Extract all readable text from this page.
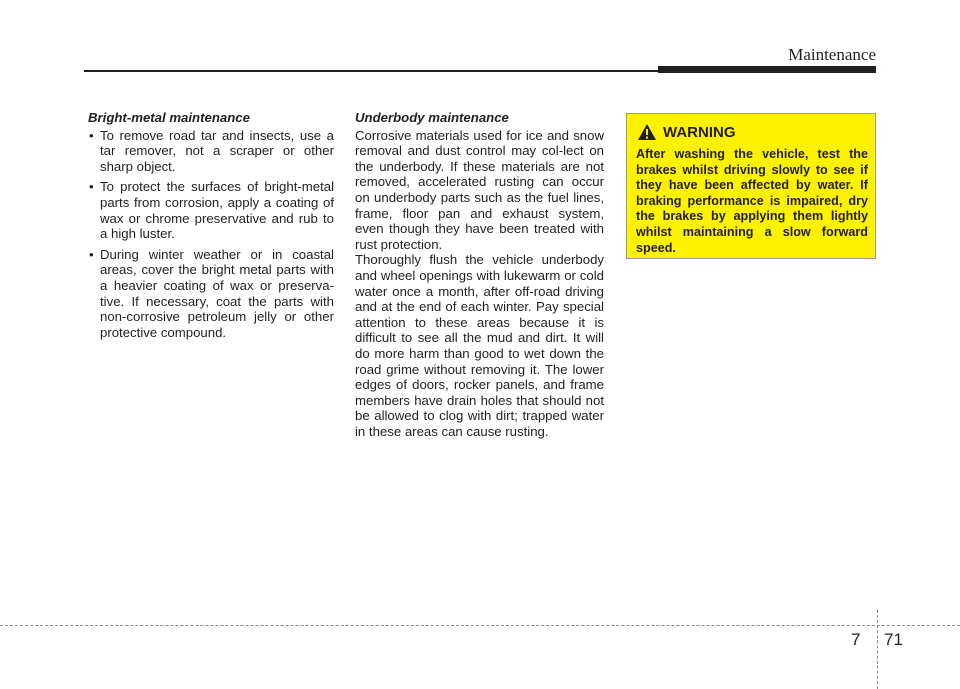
Maintenance
Bright-metal maintenance
• To remove road tar and insects, use a tar remover, not a scraper or other sharp object.
• To protect the surfaces of bright-metal parts from corrosion, apply a coating of wax or chrome preservative and rub to a high luster.
• During winter weather or in coastal areas, cover the bright metal parts with a heavier coating of wax or preserva-tive. If necessary, coat the parts with non-corrosive petroleum jelly or other protective compound.
Underbody maintenance

Corrosive materials used for ice and snow removal and dust control may col-lect on the underbody. If these materials are not removed, accelerated rusting can occur on underbody parts such as the fuel lines, frame, floor pan and exhaust system, even though they have been treated with rust protection.

Thoroughly flush the vehicle underbody and wheel openings with lukewarm or cold water once a month, after off-road driving and at the end of each winter. Pay special attention to these areas because it is difficult to see all the mud and dirt. It will do more harm than good to wet down the road grime without removing it. The lower edges of doors, rocker panels, and frame members have drain holes that should not be allowed to clog with dirt; trapped water in these areas can cause rusting.

WARNING

After washing the vehicle, test the brakes whilst driving slowly to see if they have been affected by water. If braking performance is impaired, dry the brakes by applying them lightly whilst maintaining a slow forward speed.

7 71
